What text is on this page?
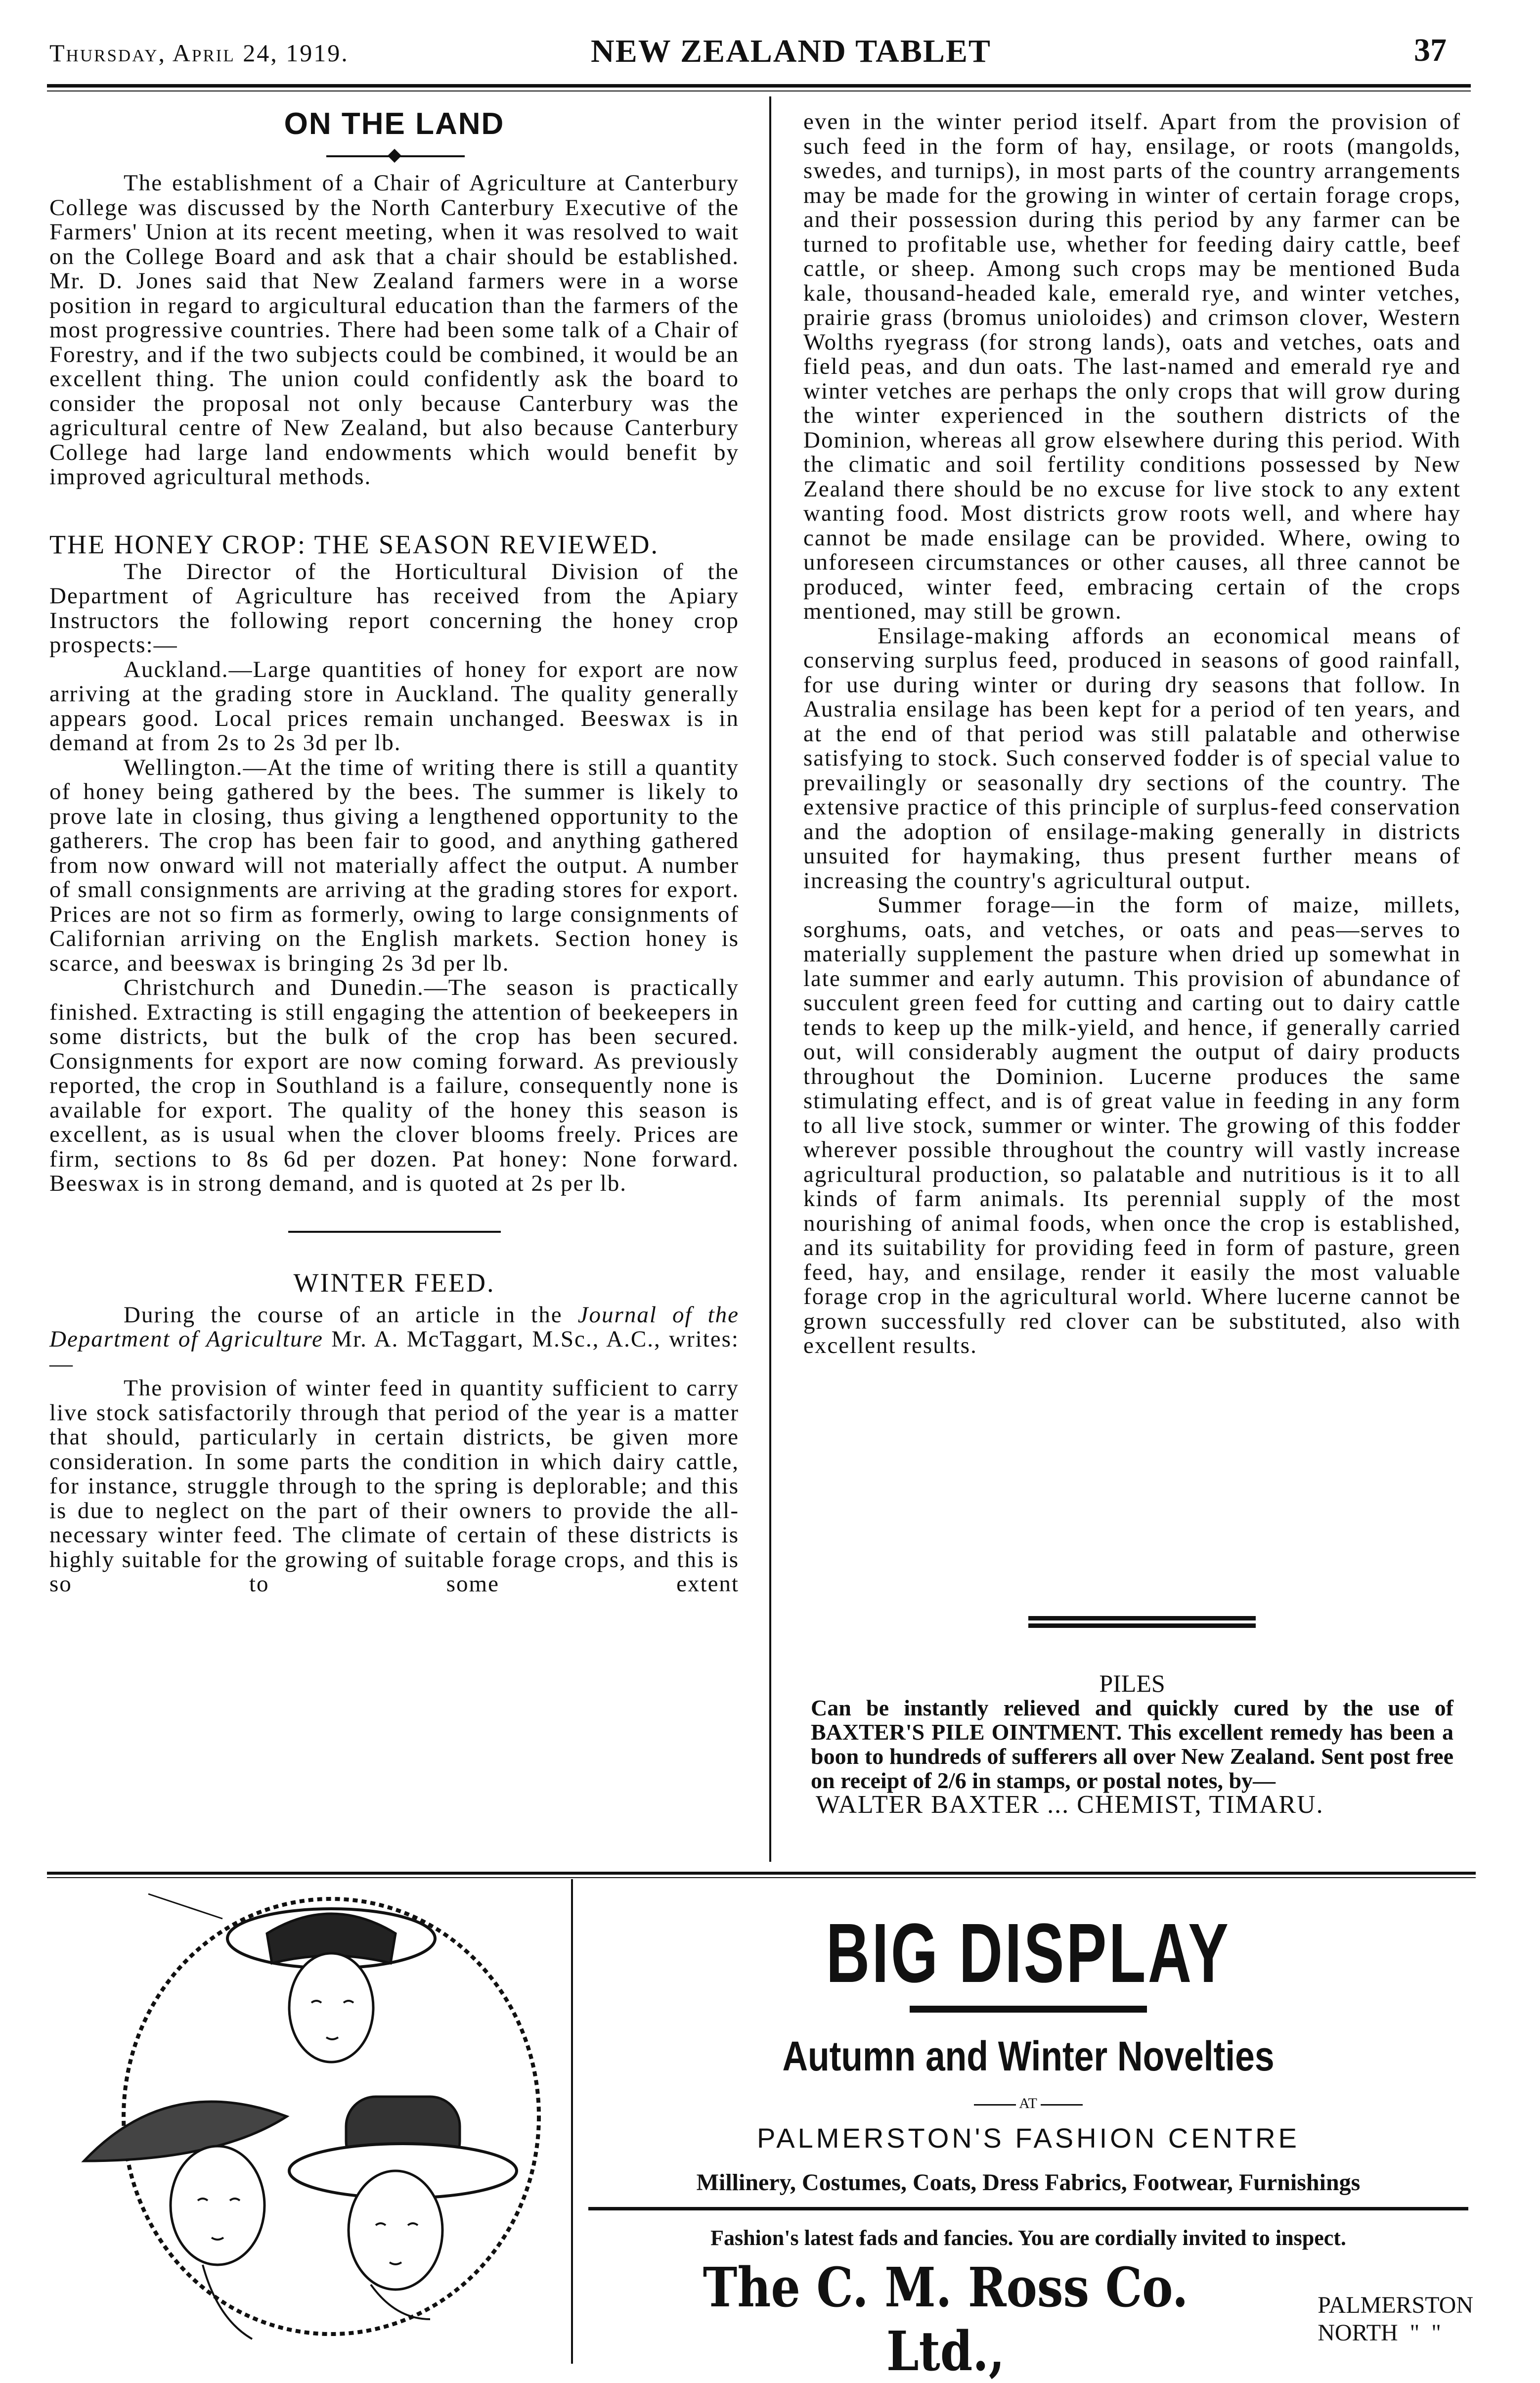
Thursday, April 24, 1919.	NEW ZEALAND TABLET	37
ON THE LAND

The establishment of a Chair of Agriculture at Canterbury College was discussed by the North Canterbury Executive of the Farmers' Union at its recent meeting, when it was resolved to wait on the College Board and ask that a chair should be established. Mr. D. Jones said that New Zealand farmers were in a worse position in regard to argicultural education than the farmers of the most progressive countries. There had been some talk of a Chair of Forestry, and if the two subjects could be combined, it would be an excellent thing. The union could confidently ask the board to consider the proposal not only because Canterbury was the agricultural centre of New Zealand, but also because Canterbury College had large land endowments which would benefit by improved agricultural methods.

THE HONEY CROP: THE SEASON REVIEWED.

The Director of the Horticultural Division of the Department of Agriculture has received from the Apiary Instructors the following report concerning the honey crop prospects:—

Auckland.—Large quantities of honey for export are now arriving at the grading store in Auckland. The quality generally appears good. Local prices remain unchanged. Beeswax is in demand at from 2s to 2s 3d per lb.

Wellington.—At the time of writing there is still a quantity of honey being gathered by the bees. The summer is likely to prove late in closing, thus giving a lengthened opportunity to the gatherers. The crop has been fair to good, and anything gathered from now onward will not materially affect the output. A number of small consignments are arriving at the grading stores for export. Prices are not so firm as formerly, owing to large consignments of Californian arriving on the English markets. Section honey is scarce, and beeswax is bringing 2s 3d per lb.

Christchurch and Dunedin.—The season is practically finished. Extracting is still engaging the attention of beekeepers in some districts, but the bulk of the crop has been secured. Consignments for export are now coming forward. As previously reported, the crop in Southland is a failure, consequently none is available for export. The quality of the honey this season is excellent, as is usual when the clover blooms freely. Prices are firm, sections to 8s 6d per dozen. Pat honey: None forward. Beeswax is in strong demand, and is quoted at 2s per lb.

WINTER FEED.

During the course of an article in the Journal of the Department of Agriculture Mr. A. McTaggart, M.Sc., A.C., writes:—

The provision of winter feed in quantity sufficient to carry live stock satisfactorily through that period of the year is a matter that should, particularly in certain districts, be given more consideration. In some parts the condition in which dairy cattle, for instance, struggle through to the spring is deplorable; and this is due to neglect on the part of their owners to provide the all-necessary winter feed. The climate of certain of these districts is highly suitable for the growing of suitable forage crops, and this is so to some extent

even in the winter period itself. Apart from the provision of such feed in the form of hay, ensilage, or roots (mangolds, swedes, and turnips), in most parts of the country arrangements may be made for the growing in winter of certain forage crops, and their possession during this period by any farmer can be turned to profitable use, whether for feeding dairy cattle, beef cattle, or sheep. Among such crops may be mentioned Buda kale, thousand-headed kale, emerald rye, and winter vetches, prairie grass (bromus unioloides) and crimson clover, Western Wolths ryegrass (for strong lands), oats and vetches, oats and field peas, and dun oats. The last-named and emerald rye and winter vetches are perhaps the only crops that will grow during the winter experienced in the southern districts of the Dominion, whereas all grow elsewhere during this period. With the climatic and soil fertility conditions possessed by New Zealand there should be no excuse for live stock to any extent wanting food. Most districts grow roots well, and where hay cannot be made ensilage can be provided. Where, owing to unforeseen circumstances or other causes, all three cannot be produced, winter feed, embracing certain of the crops mentioned, may still be grown.

Ensilage-making affords an economical means of conserving surplus feed, produced in seasons of good rainfall, for use during winter or during dry seasons that follow. In Australia ensilage has been kept for a period of ten years, and at the end of that period was still palatable and otherwise satisfying to stock. Such conserved fodder is of special value to prevailingly or seasonally dry sections of the country. The extensive practice of this principle of surplus-feed conservation and the adoption of ensilage-making generally in districts unsuited for haymaking, thus present further means of increasing the country's agricultural output.

Summer forage—in the form of maize, millets, sorghums, oats, and vetches, or oats and peas—serves to materially supplement the pasture when dried up somewhat in late summer and early autumn. This provision of abundance of succulent green feed for cutting and carting out to dairy cattle tends to keep up the milk-yield, and hence, if generally carried out, will considerably augment the output of dairy products throughout the Dominion. Lucerne produces the same stimulating effect, and is of great value in feeding in any form to all live stock, summer or winter. The growing of this fodder wherever possible throughout the country will vastly increase agricultural production, so palatable and nutritious is it to all kinds of farm animals. Its perennial supply of the most nourishing of animal foods, when once the crop is established, and its suitability for providing feed in form of pasture, green feed, hay, and ensilage, render it easily the most valuable forage crop in the agricultural world. Where lucerne cannot be grown successfully red clover can be substituted, also with excellent results.

PILES
Can be instantly relieved and quickly cured by the use of BAXTER'S PILE OINTMENT. This excellent remedy has been a boon to hundreds of sufferers all over New Zealand. Sent post free on receipt of 2/6 in stamps, or postal notes, by—
WALTER BAXTER ... CHEMIST, TIMARU.
BIG DISPLAY
Autumn and Winter Novelties
AT
PALMERSTON'S FASHION CENTRE
Millinery, Costumes, Coats, Dress Fabrics, Footwear, Furnishings
Fashion's latest fads and fancies. You are cordially invited to inspect.
The C. M. Ross Co. Ltd.,
PALMERSTON
NORTH  "  "
